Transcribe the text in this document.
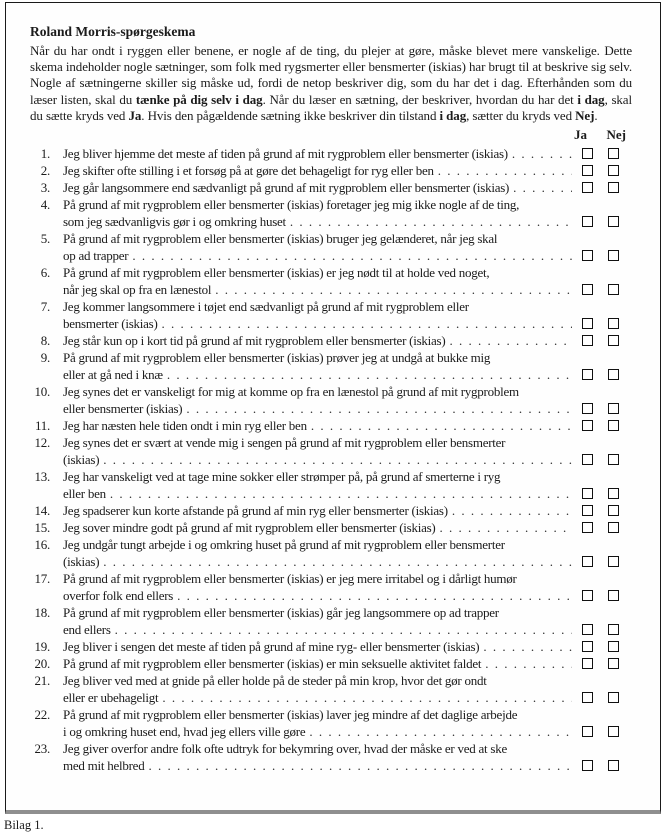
Roland Morris-spørgeskema

Når du har ondt i ryggen eller benene, er nogle af de ting, du plejer at gøre, måske blevet mere vanskelige. Dette skema indeholder nogle sætninger, som folk med rygsmerter eller bensmerter (iskias) har brugt til at beskrive sig selv. Nogle af sætningerne skiller sig måske ud, fordi de netop beskriver dig, som du har det i dag. Efterhånden som du læser listen, skal du tænke på dig selv i dag. Når du læser en sætning, der beskriver, hvordan du har det i dag, skal du sætte kryds ved Ja. Hvis den pågældende sætning ikke beskriver din tilstand i dag, sætter du kryds ved Nej.

Ja Nej
1. Jeg bliver hjemme det meste af tiden på grund af mit rygproblem eller bensmerter (iskias)
. . .
2. Jeg skifter ofte stilling i et forsøg på at gøre det behageligt for ryg eller ben
. . .
3. Jeg går langsommere end sædvanligt på grund af mit rygproblem eller bensmerter (iskias)
. . .
4. På grund af mit rygproblem eller bensmerter (iskias) foretager jeg mig ikke nogle af de ting,
som jeg sædvanligvis gør i og omkring huset
. . .
5. På grund af mit rygproblem eller bensmerter (iskias) bruger jeg gelænderet, når jeg skal
op ad trapper
. . .
6. På grund af mit rygproblem eller bensmerter (iskias) er jeg nødt til at holde ved noget,
når jeg skal op fra en lænestol
. . .
7. Jeg kommer langsommere i tøjet end sædvanligt på grund af mit rygproblem eller
bensmerter (iskias)
. . .
8. Jeg står kun op i kort tid på grund af mit rygproblem eller bensmerter (iskias)
. . .
9. På grund af mit rygproblem eller bensmerter (iskias) prøver jeg at undgå at bukke mig
eller at gå ned i knæ
. . .
10. Jeg synes det er vanskeligt for mig at komme op fra en lænestol på grund af mit rygproblem
eller bensmerter (iskias)
. . .
11. Jeg har næsten hele tiden ondt i min ryg eller ben
. . .
12. Jeg synes det er svært at vende mig i sengen på grund af mit rygproblem eller bensmerter
(iskias)
. . .
13. Jeg har vanskeligt ved at tage mine sokker eller strømper på, på grund af smerterne i ryg
eller ben
. . .
14. Jeg spadserer kun korte afstande på grund af min ryg eller bensmerter (iskias)
. . .
15. Jeg sover mindre godt på grund af mit rygproblem eller bensmerter (iskias)
. . .
16. Jeg undgår tungt arbejde i og omkring huset på grund af mit rygproblem eller bensmerter
(iskias)
. . .
17. På grund af mit rygproblem eller bensmerter (iskias) er jeg mere irritabel og i dårligt humør
overfor folk end ellers
. . .
18. På grund af mit rygproblem eller bensmerter (iskias) går jeg langsommere op ad trapper
end ellers
. . .
19. Jeg bliver i sengen det meste af tiden på grund af mine ryg- eller bensmerter (iskias)
. . .
20. På grund af mit rygproblem eller bensmerter (iskias) er min seksuelle aktivitet faldet
. . .
21. Jeg bliver ved med at gnide på eller holde på de steder på min krop, hvor det gør ondt
eller er ubehageligt
. . .
22. På grund af mit rygproblem eller bensmerter (iskias) laver jeg mindre af det daglige arbejde
i og omkring huset end, hvad jeg ellers ville gøre
. . .
23. Jeg giver overfor andre folk ofte udtryk for bekymring over, hvad der måske er ved at ske
med mit helbred
. . .
Bilag 1.
